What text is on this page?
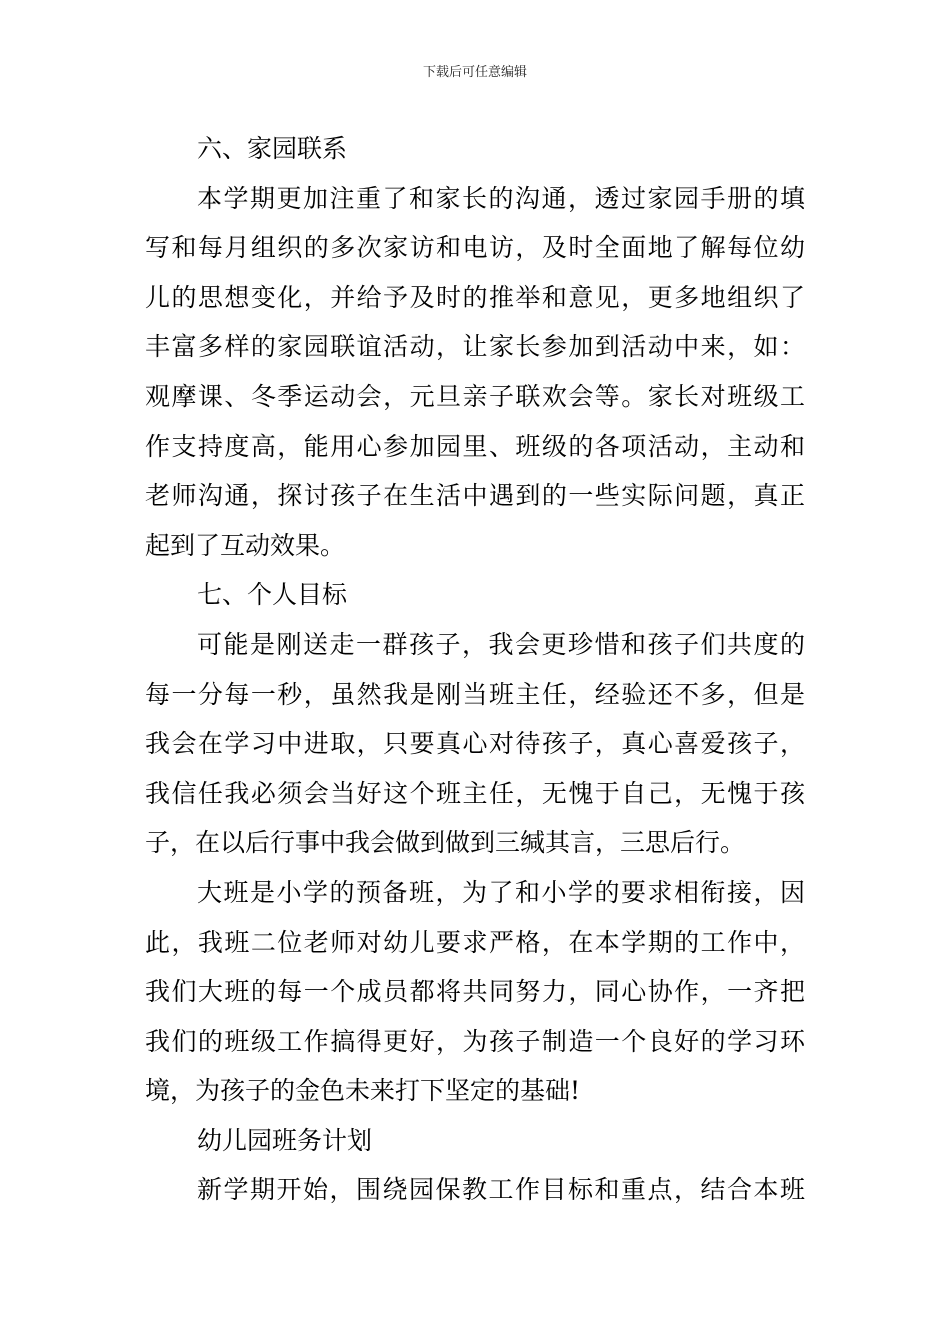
下载后可任意编辑
六、家园联系
本学期更加注重了和家长的沟通，透过家园手册的填
写和每月组织的多次家访和电访，及时全面地了解每位幼
儿的思想变化，并给予及时的推举和意见，更多地组织了
丰富多样的家园联谊活动，让家长参加到活动中来，如：
观摩课、冬季运动会，元旦亲子联欢会等。家长对班级工
作支持度高，能用心参加园里、班级的各项活动，主动和
老师沟通，探讨孩子在生活中遇到的一些实际问题，真正
起到了互动效果。
七、个人目标
可能是刚送走一群孩子，我会更珍惜和孩子们共度的
每一分每一秒，虽然我是刚当班主任，经验还不多，但是
我会在学习中进取，只要真心对待孩子，真心喜爱孩子，
我信任我必须会当好这个班主任，无愧于自己，无愧于孩
子，在以后行事中我会做到做到三缄其言，三思后行。
大班是小学的预备班，为了和小学的要求相衔接，因
此，我班二位老师对幼儿要求严格，在本学期的工作中，
我们大班的每一个成员都将共同努力，同心协作，一齐把
我们的班级工作搞得更好，为孩子制造一个良好的学习环
境，为孩子的金色未来打下坚定的基础!
幼儿园班务计划
新学期开始，围绕园保教工作目标和重点，结合本班
